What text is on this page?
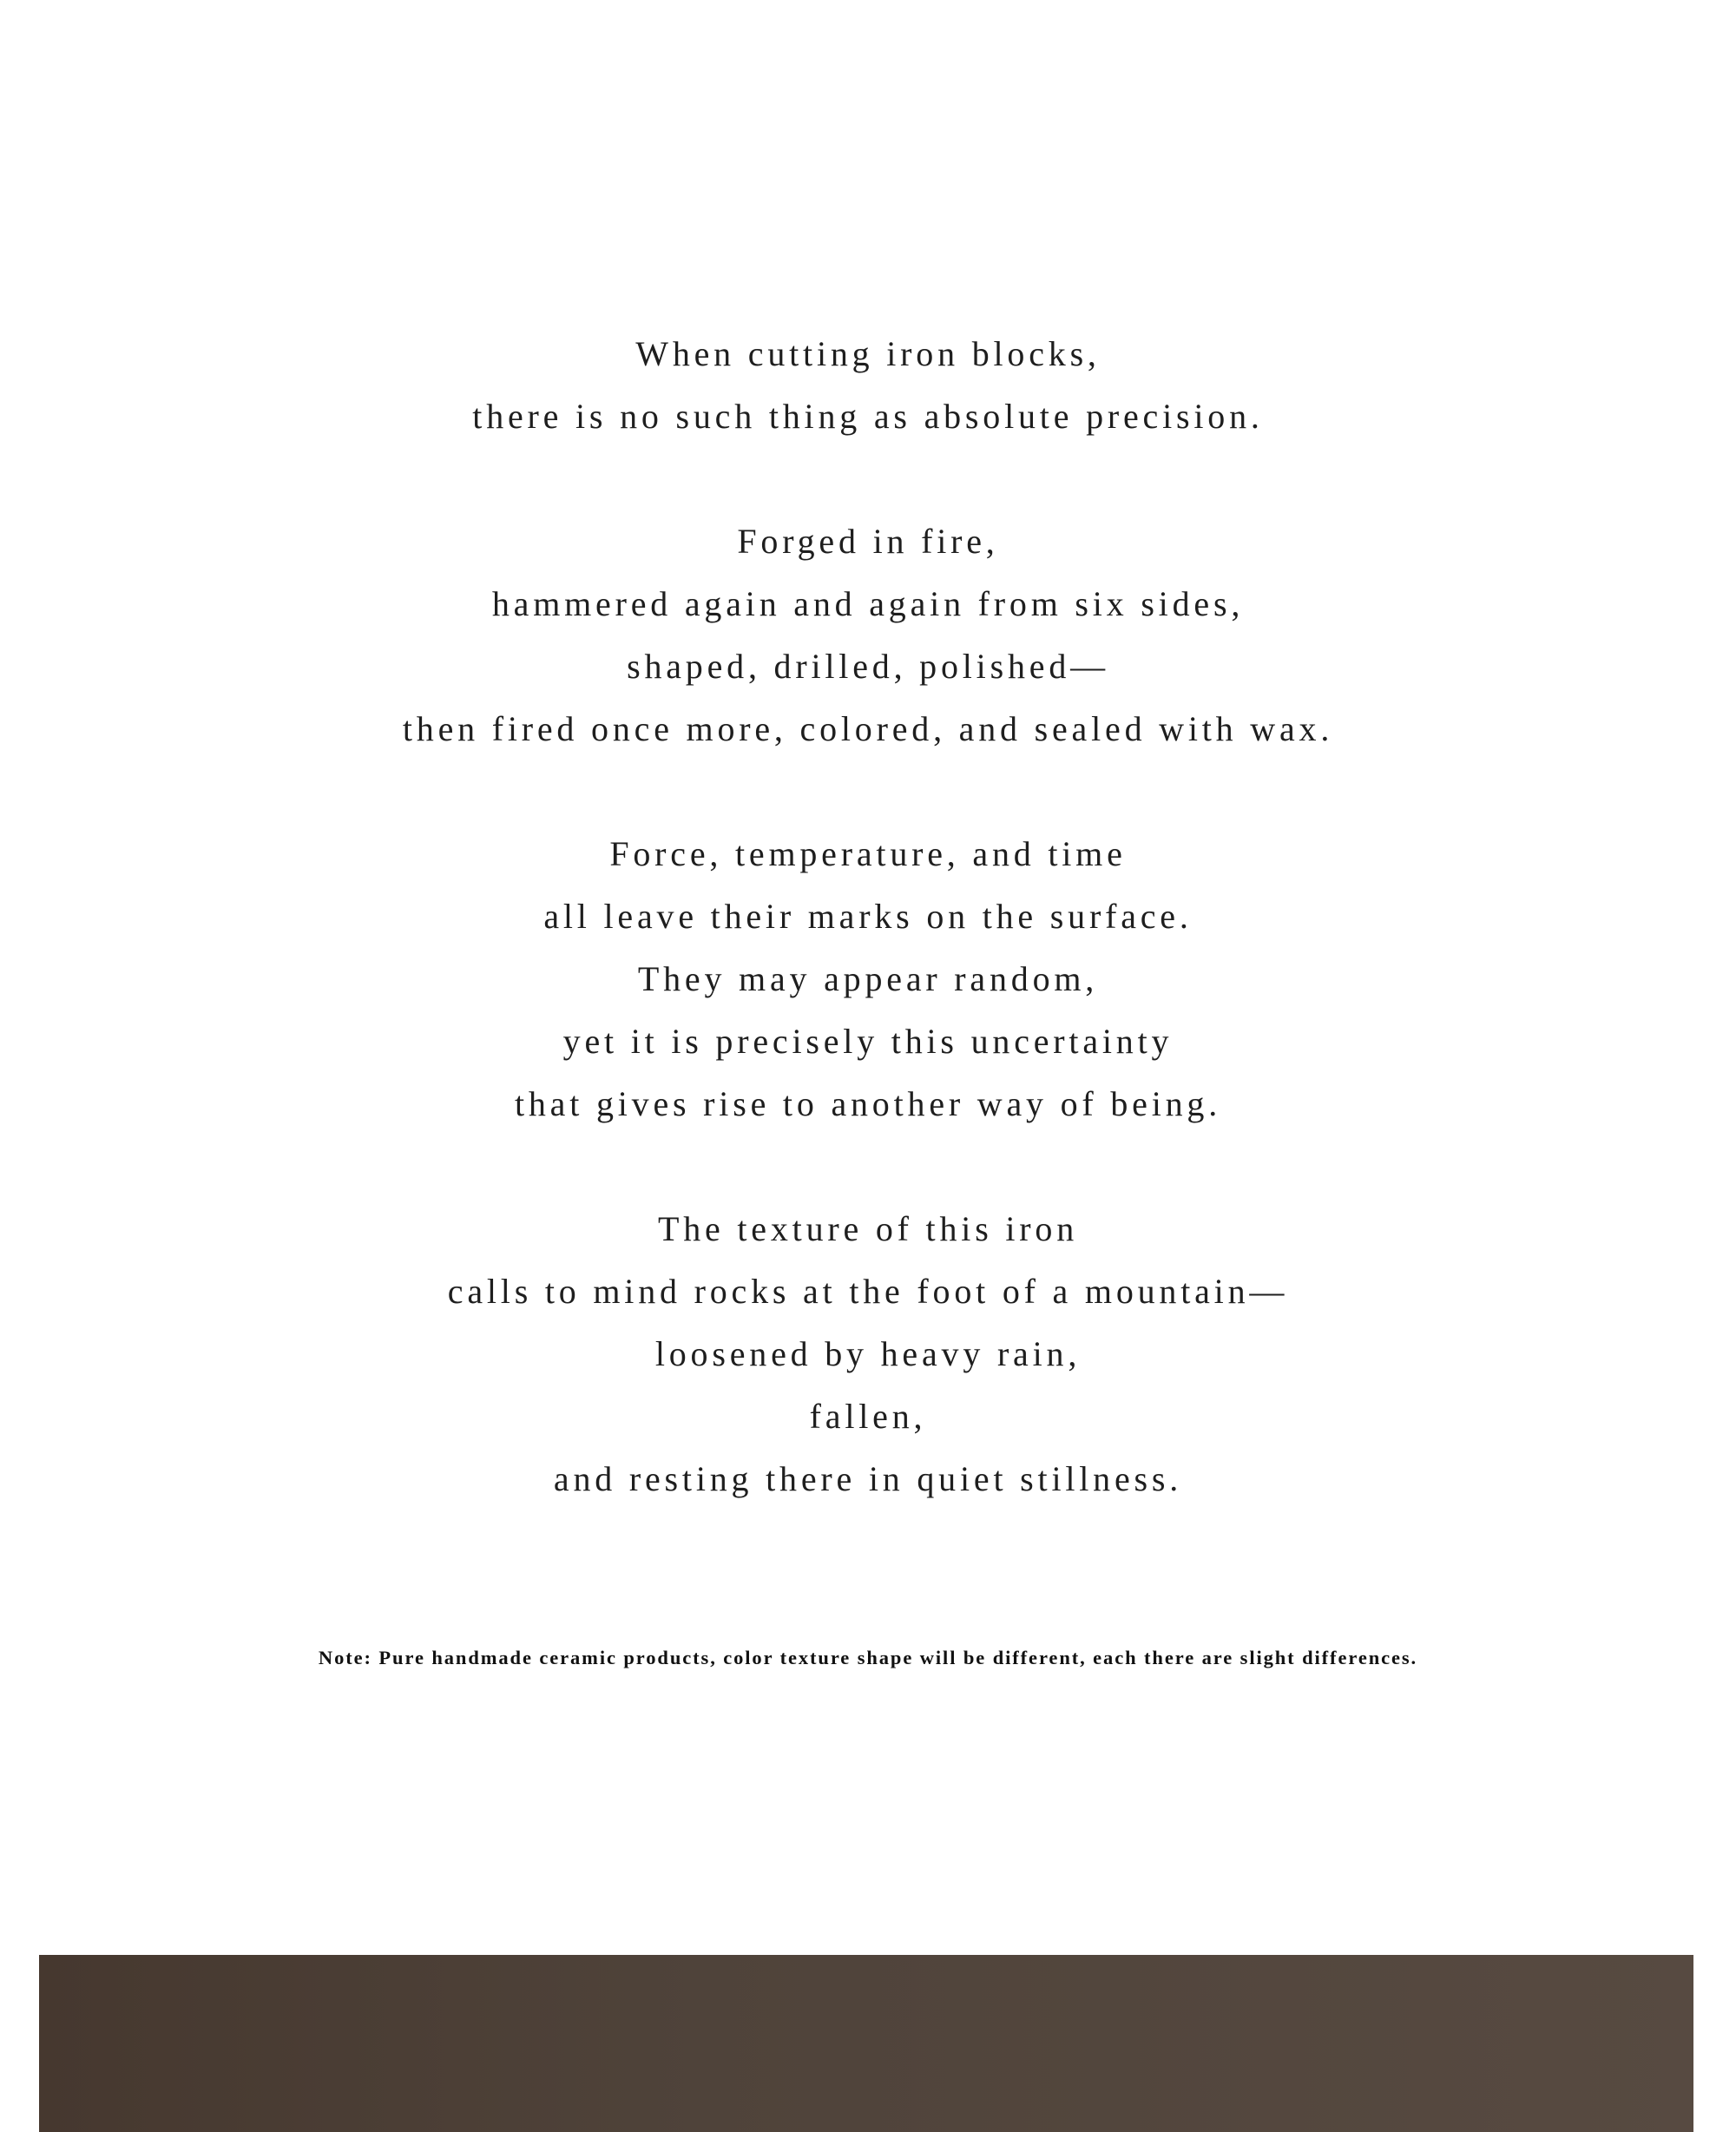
When cutting iron blocks,
there is no such thing as absolute precision.
Forged in fire,
hammered again and again from six sides,
shaped, drilled, polished—
then fired once more, colored, and sealed with wax.
Force, temperature, and time
all leave their marks on the surface.
They may appear random,
yet it is precisely this uncertainty
that gives rise to another way of being.
The texture of this iron
calls to mind rocks at the foot of a mountain—
loosened by heavy rain,
fallen,
and resting there in quiet stillness.
Note: Pure handmade ceramic products, color texture shape will be different, each there are slight differences.
